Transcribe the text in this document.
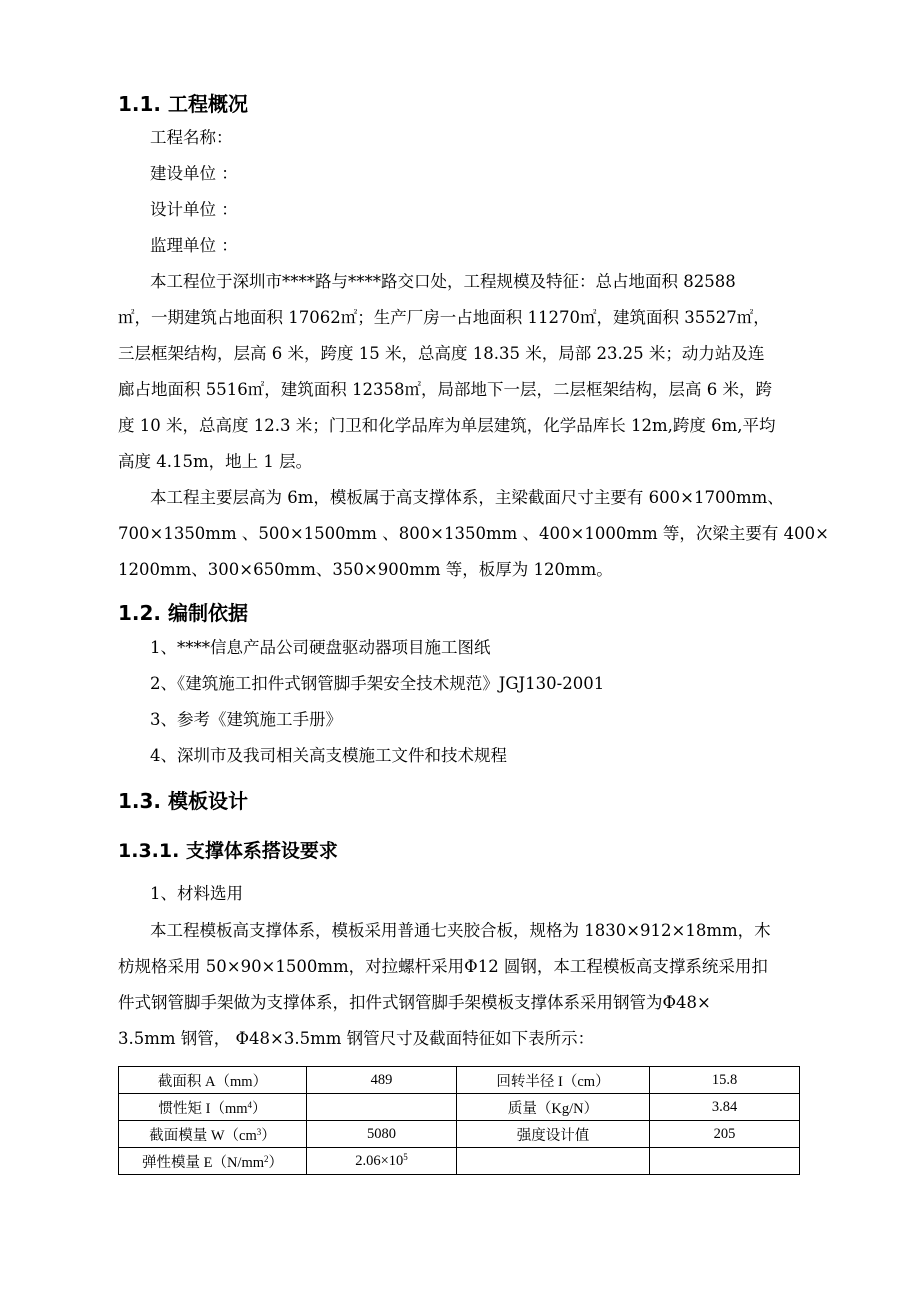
1.1. 工程概况
工程名称：
建设单位 ：
设计单位 ：
监理单位 ：
本工程位于深圳市****路与****路交口处，工程规模及特征：总占地面积 82588
㎡，一期建筑占地面积 17062㎡；生产厂房一占地面积 11270㎡，建筑面积 35527㎡，
三层框架结构，层高 6 米，跨度 15 米，总高度 18.35 米，局部 23.25 米；动力站及连
廊占地面积 5516㎡，建筑面积 12358㎡，局部地下一层，二层框架结构，层高 6 米，跨
度 10 米，总高度 12.3 米；门卫和化学品库为单层建筑，化学品库长 12m,跨度 6m,平均
高度 4.15m，地上 1 层。
本工程主要层高为 6m，模板属于高支撑体系，主梁截面尺寸主要有 600×1700mm、
700×1350mm 、500×1500mm 、800×1350mm 、400×1000mm 等，次梁主要有 400×
1200mm、300×650mm、350×900mm 等，板厚为 120mm。
1.2. 编制依据
1、****信息产品公司硬盘驱动器项目施工图纸
2、《建筑施工扣件式钢管脚手架安全技术规范》JGJ130-2001
3、参考《建筑施工手册》
4、深圳市及我司相关高支模施工文件和技术规程
1.3. 模板设计
1.3.1. 支撑体系搭设要求
1、材料选用
本工程模板高支撑体系，模板采用普通七夹胶合板，规格为 1830×912×18mm，木
枋规格采用 50×90×1500mm，对拉螺杆采用Φ12 圆钢，本工程模板高支撑系统采用扣
件式钢管脚手架做为支撑体系，扣件式钢管脚手架模板支撑体系采用钢管为Φ48×
3.5mm 钢管， Φ48×3.5mm 钢管尺寸及截面特征如下表所示：
截面积 A（mm）	489	回转半径 I（cm）	15.8
惯性矩 $I(mm^4)$		质量（Kg/N）	3.84
截面模量 $W(cm^3)$	5080	强度设计值	205
弹性模量 $E(N/mm^2)$	$2.06\times 10^5$		
